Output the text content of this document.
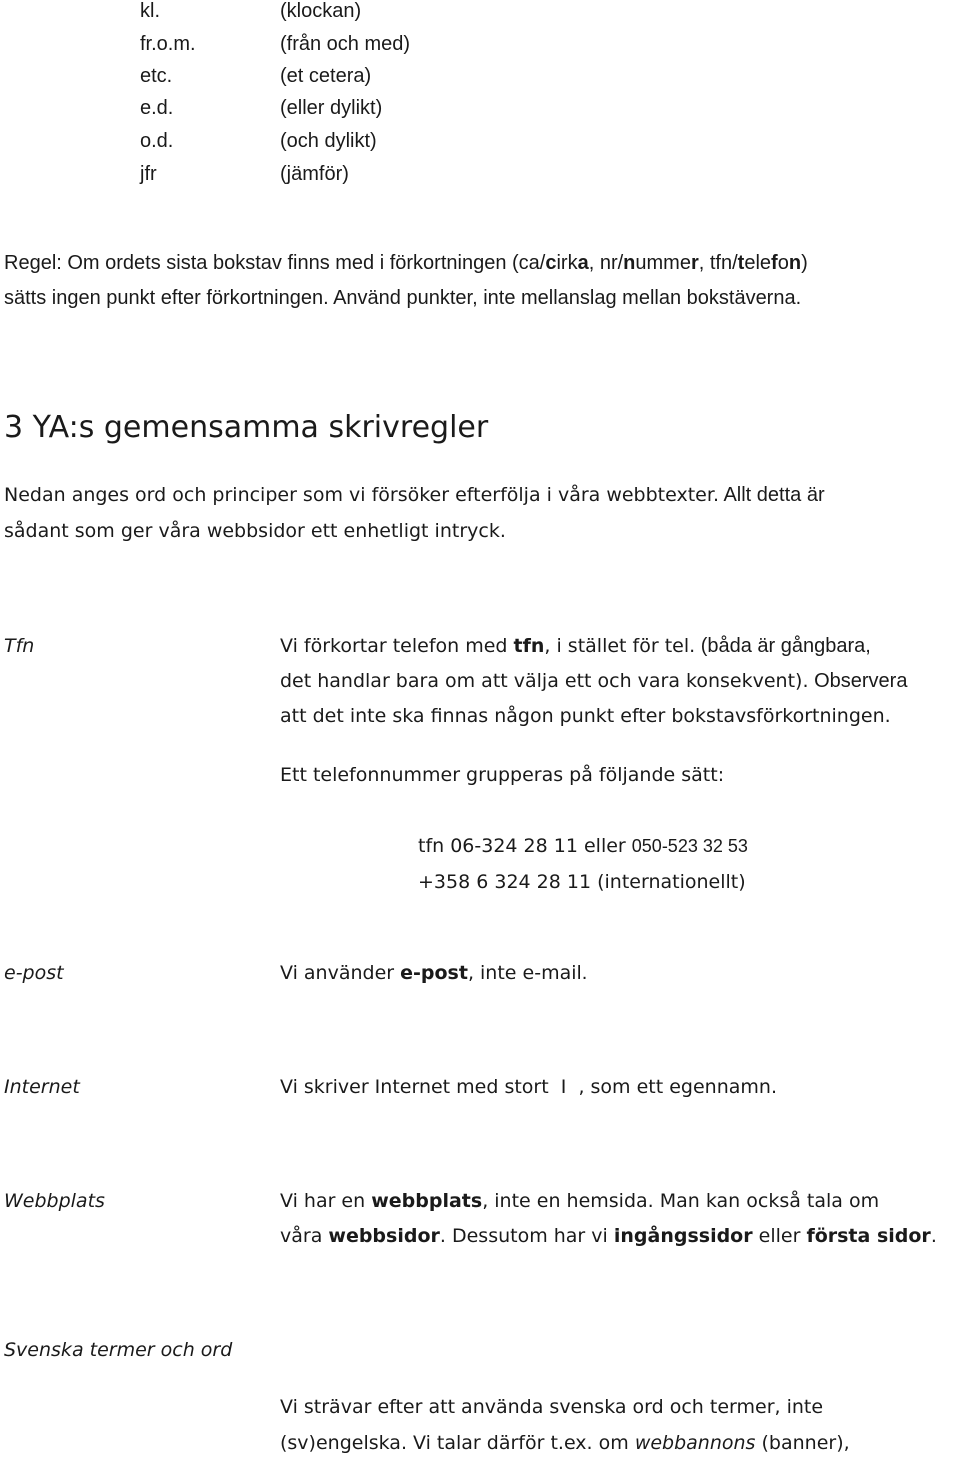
kl.	(klockan)
fr.o.m.	(från och med)
etc.	(et cetera)
e.d.	(eller dylikt)
o.d.	(och dylikt)
jfr	(jämför)
Regel: Om ordets sista bokstav finns med i förkortningen (ca/cirka, nr/nummer, tfn/telefon)
sätts ingen punkt efter förkortningen. Använd punkter, inte mellanslag mellan bokstäverna.
3 YA:s gemensamma skrivregler
Nedan anges ord och principer som vi försöker efterfölja i våra webbtexter. Allt detta är
sådant som ger våra webbsidor ett enhetligt intryck.
Tfn	Vi förkortar telefon med tfn, i stället för tel. (båda är gångbara,
det handlar bara om att välja ett och vara konsekvent). Observera
att det inte ska finnas någon punkt efter bokstavsförkortningen.
Ett telefonnummer grupperas på följande sätt:
tfn 06-324 28 11 eller 050-523 32 53
+358 6 324 28 11 (internationellt)
e-post	Vi använder e-post, inte e-mail.
Internet	Vi skriver Internet med stort  I  , som ett egennamn.
Webbplats	Vi har en webbplats, inte en hemsida. Man kan också tala om
våra webbsidor. Dessutom har vi ingångssidor eller första sidor.
Svenska termer och ord
Vi strävar efter att använda svenska ord och termer, inte
(sv)engelska. Vi talar därför t.ex. om webbannons (banner),
